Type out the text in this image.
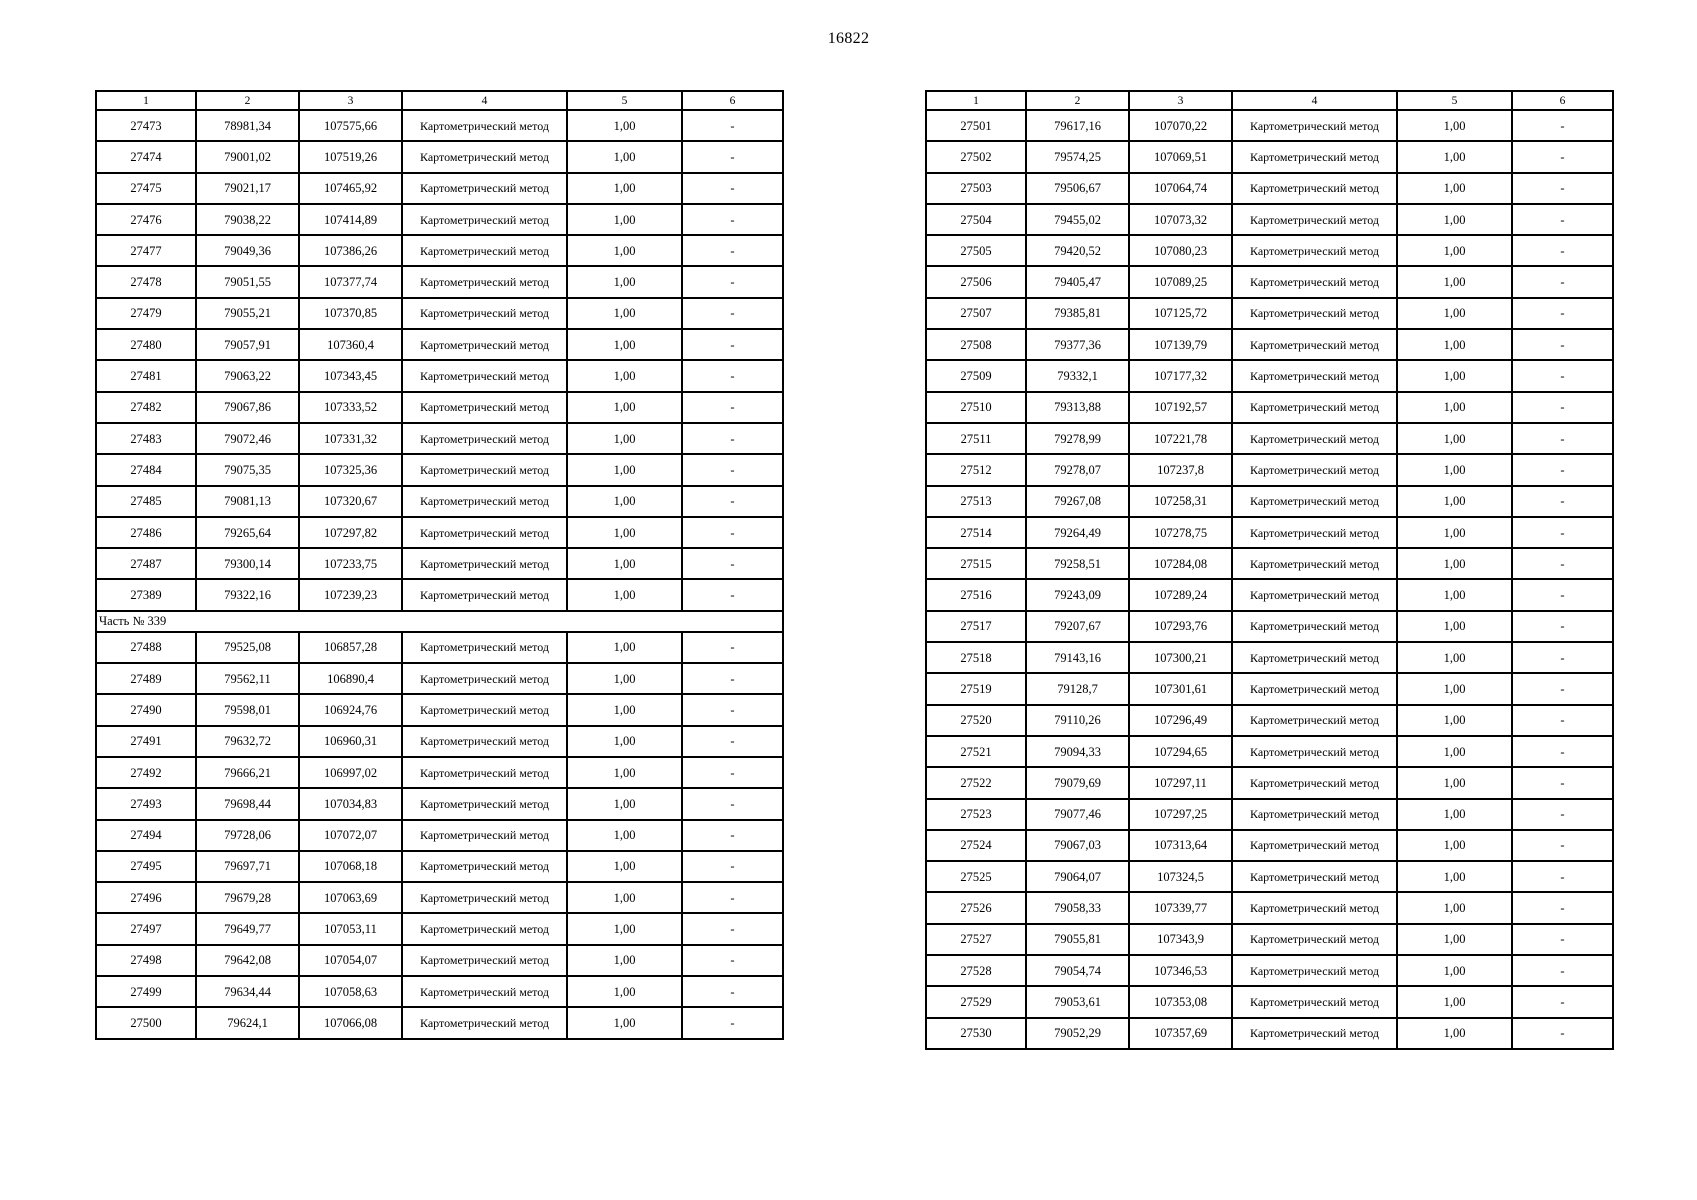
16822
1	2	3	4	5	6
27473	78981,34	107575,66	Картометрический метод	1,00	-
27474	79001,02	107519,26	Картометрический метод	1,00	-
27475	79021,17	107465,92	Картометрический метод	1,00	-
27476	79038,22	107414,89	Картометрический метод	1,00	-
27477	79049,36	107386,26	Картометрический метод	1,00	-
27478	79051,55	107377,74	Картометрический метод	1,00	-
27479	79055,21	107370,85	Картометрический метод	1,00	-
27480	79057,91	107360,4	Картометрический метод	1,00	-
27481	79063,22	107343,45	Картометрический метод	1,00	-
27482	79067,86	107333,52	Картометрический метод	1,00	-
27483	79072,46	107331,32	Картометрический метод	1,00	-
27484	79075,35	107325,36	Картометрический метод	1,00	-
27485	79081,13	107320,67	Картометрический метод	1,00	-
27486	79265,64	107297,82	Картометрический метод	1,00	-
27487	79300,14	107233,75	Картометрический метод	1,00	-
27389	79322,16	107239,23	Картометрический метод	1,00	-
Часть № 339					
27488	79525,08	106857,28	Картометрический метод	1,00	-
27489	79562,11	106890,4	Картометрический метод	1,00	-
27490	79598,01	106924,76	Картометрический метод	1,00	-
27491	79632,72	106960,31	Картометрический метод	1,00	-
27492	79666,21	106997,02	Картометрический метод	1,00	-
27493	79698,44	107034,83	Картометрический метод	1,00	-
27494	79728,06	107072,07	Картометрический метод	1,00	-
27495	79697,71	107068,18	Картометрический метод	1,00	-
27496	79679,28	107063,69	Картометрический метод	1,00	-
27497	79649,77	107053,11	Картометрический метод	1,00	-
27498	79642,08	107054,07	Картометрический метод	1,00	-
27499	79634,44	107058,63	Картометрический метод	1,00	-
27500	79624,1	107066,08	Картометрический метод	1,00	-
1	2	3	4	5	6
27501	79617,16	107070,22	Картометрический метод	1,00	-
27502	79574,25	107069,51	Картометрический метод	1,00	-
27503	79506,67	107064,74	Картометрический метод	1,00	-
27504	79455,02	107073,32	Картометрический метод	1,00	-
27505	79420,52	107080,23	Картометрический метод	1,00	-
27506	79405,47	107089,25	Картометрический метод	1,00	-
27507	79385,81	107125,72	Картометрический метод	1,00	-
27508	79377,36	107139,79	Картометрический метод	1,00	-
27509	79332,1	107177,32	Картометрический метод	1,00	-
27510	79313,88	107192,57	Картометрический метод	1,00	-
27511	79278,99	107221,78	Картометрический метод	1,00	-
27512	79278,07	107237,8	Картометрический метод	1,00	-
27513	79267,08	107258,31	Картометрический метод	1,00	-
27514	79264,49	107278,75	Картометрический метод	1,00	-
27515	79258,51	107284,08	Картометрический метод	1,00	-
27516	79243,09	107289,24	Картометрический метод	1,00	-
27517	79207,67	107293,76	Картометрический метод	1,00	-
27518	79143,16	107300,21	Картометрический метод	1,00	-
27519	79128,7	107301,61	Картометрический метод	1,00	-
27520	79110,26	107296,49	Картометрический метод	1,00	-
27521	79094,33	107294,65	Картометрический метод	1,00	-
27522	79079,69	107297,11	Картометрический метод	1,00	-
27523	79077,46	107297,25	Картометрический метод	1,00	-
27524	79067,03	107313,64	Картометрический метод	1,00	-
27525	79064,07	107324,5	Картометрический метод	1,00	-
27526	79058,33	107339,77	Картометрический метод	1,00	-
27527	79055,81	107343,9	Картометрический метод	1,00	-
27528	79054,74	107346,53	Картометрический метод	1,00	-
27529	79053,61	107353,08	Картометрический метод	1,00	-
27530	79052,29	107357,69	Картометрический метод	1,00	-
